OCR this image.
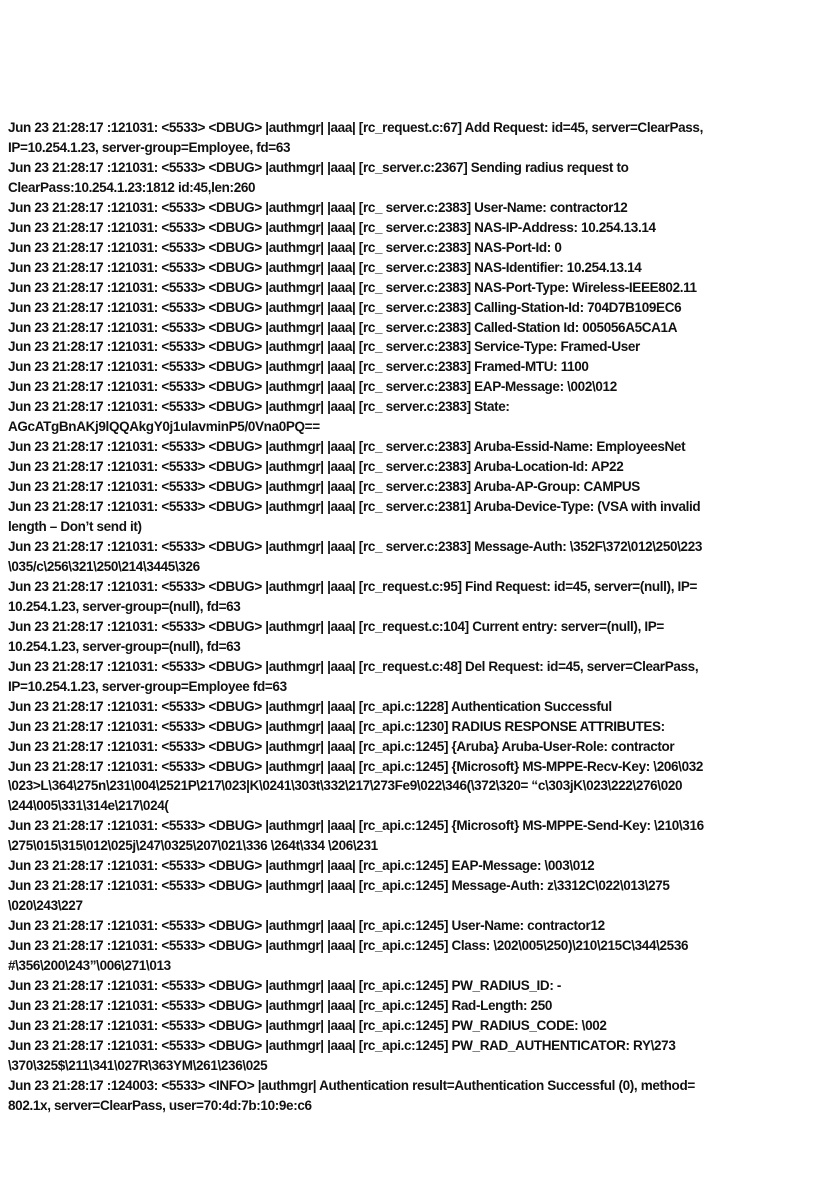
Jun 23 21:28:17 :121031: <5533> <DBUG> |authmgr| |aaa| [rc_request.c:67] Add Request: id=45, server=ClearPass,
IP=10.254.1.23, server-group=Employee, fd=63
Jun 23 21:28:17 :121031: <5533> <DBUG> |authmgr| |aaa| [rc_server.c:2367] Sending radius request to
ClearPass:10.254.1.23:1812 id:45,len:260
Jun 23 21:28:17 :121031: <5533> <DBUG> |authmgr| |aaa| [rc_ server.c:2383] User-Name: contractor12
Jun 23 21:28:17 :121031: <5533> <DBUG> |authmgr| |aaa| [rc_ server.c:2383] NAS-IP-Address: 10.254.13.14
Jun 23 21:28:17 :121031: <5533> <DBUG> |authmgr| |aaa| [rc_ server.c:2383] NAS-Port-Id: 0
Jun 23 21:28:17 :121031: <5533> <DBUG> |authmgr| |aaa| [rc_ server.c:2383] NAS-Identifier: 10.254.13.14
Jun 23 21:28:17 :121031: <5533> <DBUG> |authmgr| |aaa| [rc_ server.c:2383] NAS-Port-Type: Wireless-IEEE802.11
Jun 23 21:28:17 :121031: <5533> <DBUG> |authmgr| |aaa| [rc_ server.c:2383] Calling-Station-Id: 704D7B109EC6
Jun 23 21:28:17 :121031: <5533> <DBUG> |authmgr| |aaa| [rc_ server.c:2383] Called-Station Id: 005056A5CA1A
Jun 23 21:28:17 :121031: <5533> <DBUG> |authmgr| |aaa| [rc_ server.c:2383] Service-Type: Framed-User
Jun 23 21:28:17 :121031: <5533> <DBUG> |authmgr| |aaa| [rc_ server.c:2383] Framed-MTU: 1100
Jun 23 21:28:17 :121031: <5533> <DBUG> |authmgr| |aaa| [rc_ server.c:2383] EAP-Message: \002\012
Jun 23 21:28:17 :121031: <5533> <DBUG> |authmgr| |aaa| [rc_ server.c:2383] State:
AGcATgBnAKj9lQQAkgY0j1ulavminP5/0Vna0PQ==
Jun 23 21:28:17 :121031: <5533> <DBUG> |authmgr| |aaa| [rc_ server.c:2383] Aruba-Essid-Name: EmployeesNet
Jun 23 21:28:17 :121031: <5533> <DBUG> |authmgr| |aaa| [rc_ server.c:2383] Aruba-Location-Id: AP22
Jun 23 21:28:17 :121031: <5533> <DBUG> |authmgr| |aaa| [rc_ server.c:2383] Aruba-AP-Group: CAMPUS
Jun 23 21:28:17 :121031: <5533> <DBUG> |authmgr| |aaa| [rc_ server.c:2381] Aruba-Device-Type: (VSA with invalid
length – Don’t send it)
Jun 23 21:28:17 :121031: <5533> <DBUG> |authmgr| |aaa| [rc_ server.c:2383] Message-Auth: \352F\372\012\250\223
\035/c\256\321\250\214\3445\326
Jun 23 21:28:17 :121031: <5533> <DBUG> |authmgr| |aaa| [rc_request.c:95] Find Request: id=45, server=(null), IP=
10.254.1.23, server-group=(null), fd=63
Jun 23 21:28:17 :121031: <5533> <DBUG> |authmgr| |aaa| [rc_request.c:104] Current entry: server=(null), IP=
10.254.1.23, server-group=(null), fd=63
Jun 23 21:28:17 :121031: <5533> <DBUG> |authmgr| |aaa| [rc_request.c:48] Del Request: id=45, server=ClearPass,
IP=10.254.1.23, server-group=Employee fd=63
Jun 23 21:28:17 :121031: <5533> <DBUG> |authmgr| |aaa| [rc_api.c:1228] Authentication Successful
Jun 23 21:28:17 :121031: <5533> <DBUG> |authmgr| |aaa| [rc_api.c:1230] RADIUS RESPONSE ATTRIBUTES:
Jun 23 21:28:17 :121031: <5533> <DBUG> |authmgr| |aaa| [rc_api.c:1245] {Aruba} Aruba-User-Role: contractor
Jun 23 21:28:17 :121031: <5533> <DBUG> |authmgr| |aaa| [rc_api.c:1245] {Microsoft} MS-MPPE-Recv-Key: \206\032
\023>L\364\275n\231\004\2521P\217\023|K\0241\303t\332\217\273Fe9\022\346(\372\320= “c\303jK\023\222\276\020
\244\005\331\314e\217\024(
Jun 23 21:28:17 :121031: <5533> <DBUG> |authmgr| |aaa| [rc_api.c:1245] {Microsoft} MS-MPPE-Send-Key: \210\316
\275\015\315\012\025j\247\0325\207\021\336 \264t\334 \206\231
Jun 23 21:28:17 :121031: <5533> <DBUG> |authmgr| |aaa| [rc_api.c:1245] EAP-Message: \003\012
Jun 23 21:28:17 :121031: <5533> <DBUG> |authmgr| |aaa| [rc_api.c:1245] Message-Auth: z\3312C\022\013\275
\020\243\227
Jun 23 21:28:17 :121031: <5533> <DBUG> |authmgr| |aaa| [rc_api.c:1245] User-Name: contractor12
Jun 23 21:28:17 :121031: <5533> <DBUG> |authmgr| |aaa| [rc_api.c:1245] Class: \202\005\250)\210\215C\344\2536
#\356\200\243”\006\271\013
Jun 23 21:28:17 :121031: <5533> <DBUG> |authmgr| |aaa| [rc_api.c:1245] PW_RADIUS_ID: -
Jun 23 21:28:17 :121031: <5533> <DBUG> |authmgr| |aaa| [rc_api.c:1245] Rad-Length: 250
Jun 23 21:28:17 :121031: <5533> <DBUG> |authmgr| |aaa| [rc_api.c:1245] PW_RADIUS_CODE: \002
Jun 23 21:28:17 :121031: <5533> <DBUG> |authmgr| |aaa| [rc_api.c:1245] PW_RAD_AUTHENTICATOR: RY\273
\370\325$\211\341\027R\363YM\261\236\025
Jun 23 21:28:17 :124003: <5533> <INFO> |authmgr| Authentication result=Authentication Successful (0), method=
802.1x, server=ClearPass, user=70:4d:7b:10:9e:c6
